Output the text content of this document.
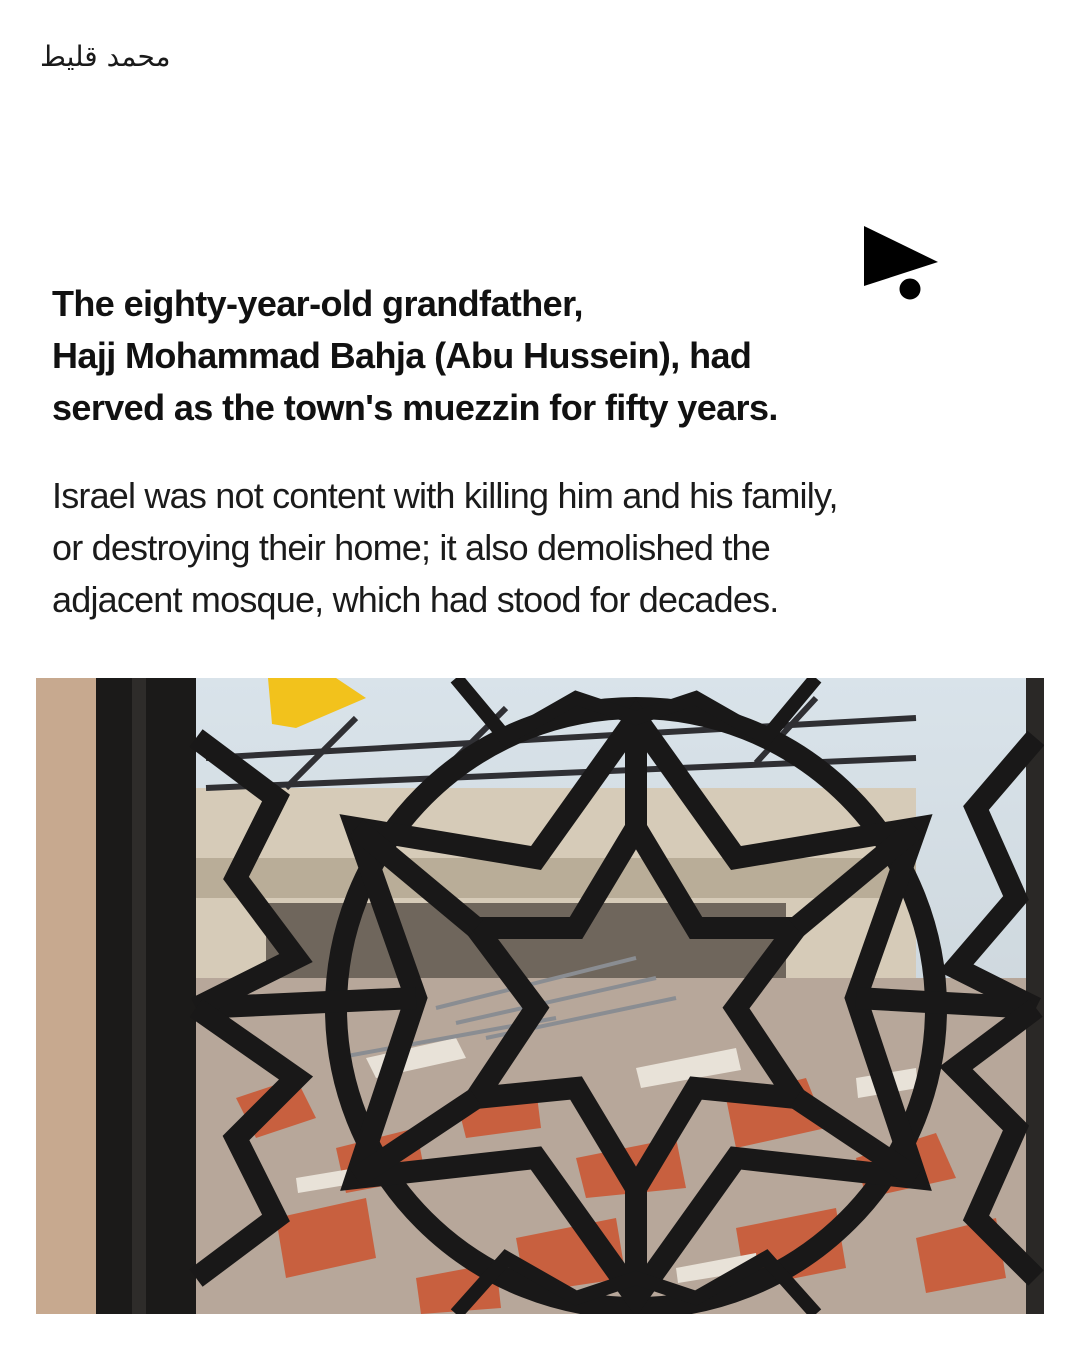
محمد قليط
The eighty-year-old grandfather,
Hajj Mohammad Bahja (Abu Hussein), had
served as the town's muezzin for fifty years.

Israel was not content with killing him and his family,
or destroying their home; it also demolished the
adjacent mosque, which had stood for decades.
